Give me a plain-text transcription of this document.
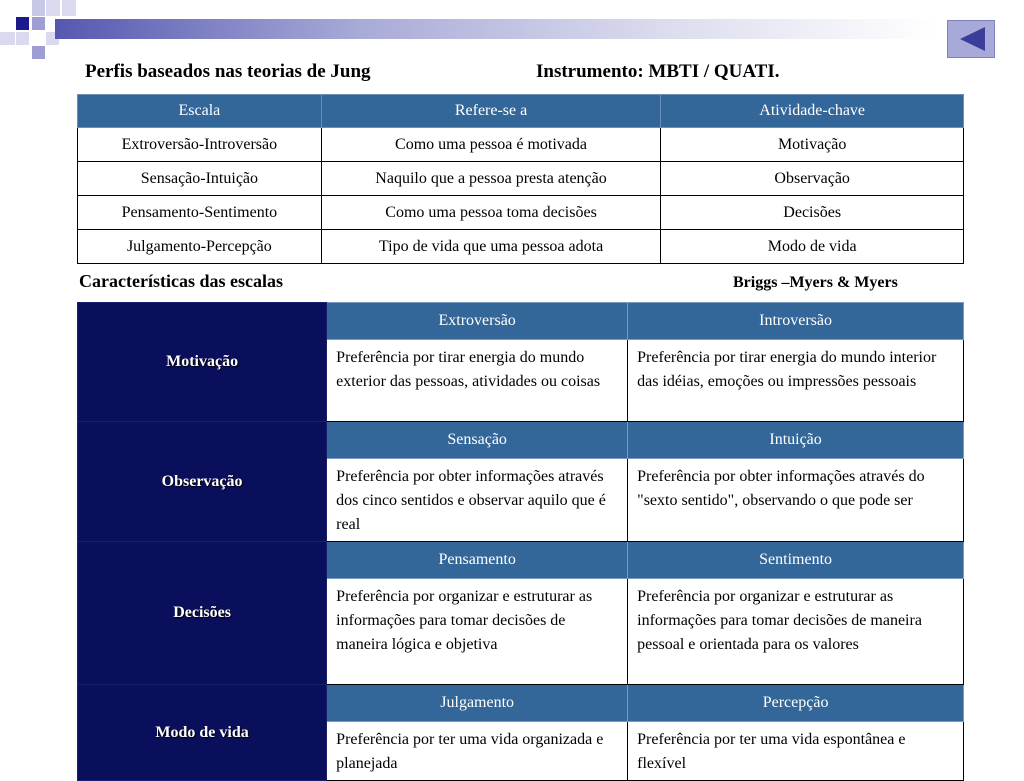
Perfis baseados nas teorias de Jung	Instrumento: MBTI / QUATI.
Escala	Refere-se a	Atividade-chave
Extroversão-Introversão	Como uma pessoa é motivada	Motivação
Sensação-Intuição	Naquilo que a pessoa presta atenção	Observação
Pensamento-Sentimento	Como uma pessoa toma decisões	Decisões
Julgamento-Percepção	Tipo de vida que uma pessoa adota	Modo de vida
Características das escalas	Briggs –Myers & Myers
Motivação	Extroversão	Introversão
	Preferência por tirar energia do mundo exterior das pessoas, atividades ou coisas	Preferência por tirar energia do mundo interior das idéias, emoções ou impressões pessoais
Observação	Sensação	Intuição
	Preferência por obter informações através dos cinco sentidos e observar aquilo que é real	Preferência por obter informações através do "sexto sentido", observando o que pode ser
Decisões	Pensamento	Sentimento
	Preferência por organizar e estruturar as informações para tomar decisões de maneira lógica e objetiva	Preferência por organizar e estruturar as informações para tomar decisões de maneira pessoal e orientada para os valores
Modo de vida	Julgamento	Percepção
	Preferência por ter uma vida organizada e planejada	Preferência por ter uma vida espontânea e flexível
